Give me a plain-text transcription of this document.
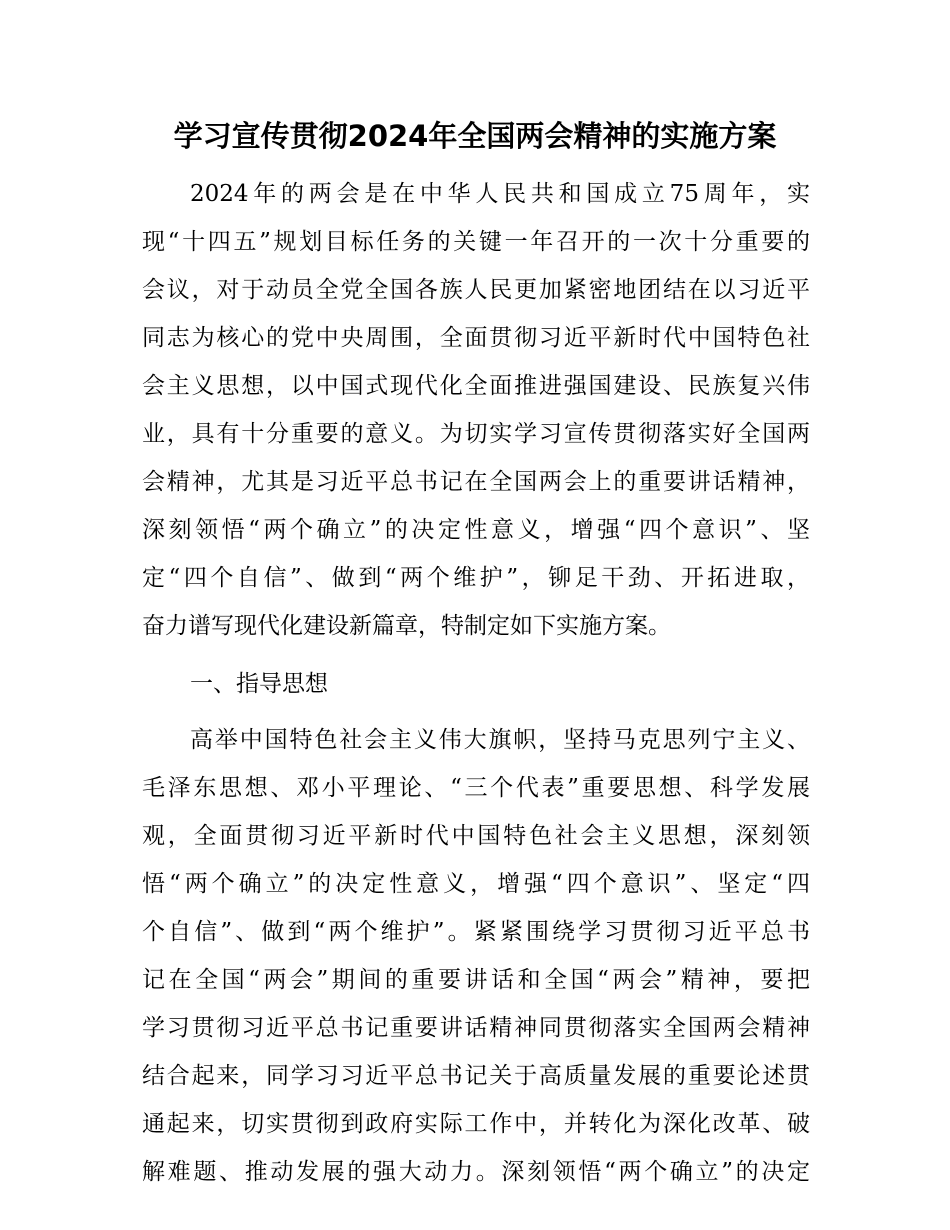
学习宣传贯彻2024年全国两会精神的实施方案
2024年的两会是在中华人民共和国成立75周年，实
现“十四五”规划目标任务的关键一年召开的一次十分重要的
会议，对于动员全党全国各族人民更加紧密地团结在以习近平
同志为核心的党中央周围，全面贯彻习近平新时代中国特色社
会主义思想，以中国式现代化全面推进强国建设、民族复兴伟
业，具有十分重要的意义。为切实学习宣传贯彻落实好全国两
会精神，尤其是习近平总书记在全国两会上的重要讲话精神，
深刻领悟“两个确立”的决定性意义，增强“四个意识”、坚
定“四个自信”、做到“两个维护”，铆足干劲、开拓进取，
奋力谱写现代化建设新篇章，特制定如下实施方案。
一、指导思想
高举中国特色社会主义伟大旗帜，坚持马克思列宁主义、
毛泽东思想、邓小平理论、“三个代表”重要思想、科学发展
观，全面贯彻习近平新时代中国特色社会主义思想，深刻领
悟“两个确立”的决定性意义，增强“四个意识”、坚定“四
个自信”、做到“两个维护”。紧紧围绕学习贯彻习近平总书
记在全国“两会”期间的重要讲话和全国“两会”精神，要把
学习贯彻习近平总书记重要讲话精神同贯彻落实全国两会精神
结合起来，同学习习近平总书记关于高质量发展的重要论述贯
通起来，切实贯彻到政府实际工作中，并转化为深化改革、破
解难题、推动发展的强大动力。深刻领悟“两个确立”的决定
